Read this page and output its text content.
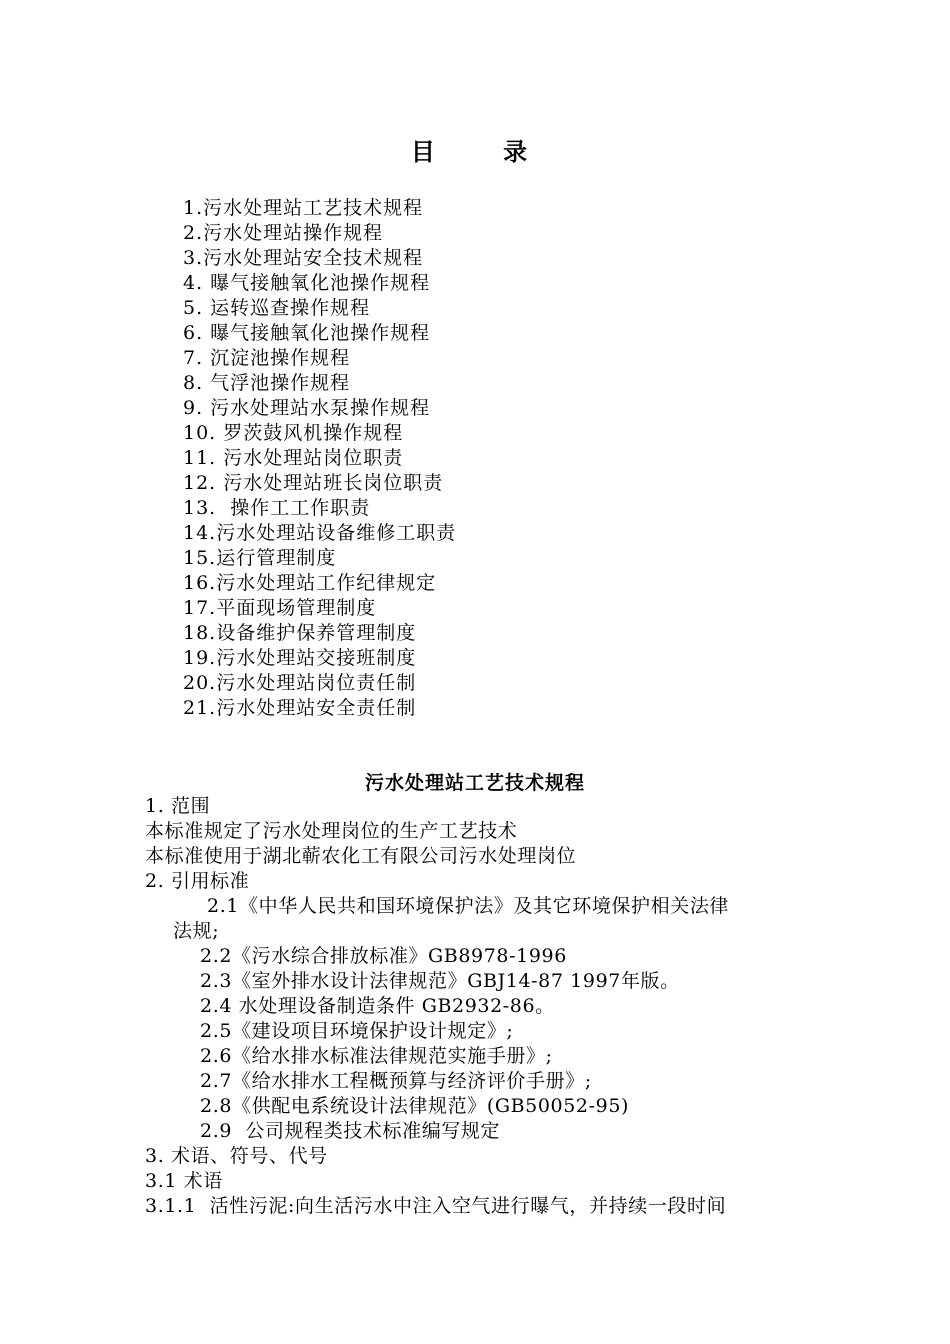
目 录
1.污水处理站工艺技术规程
2.污水处理站操作规程
3.污水处理站安全技术规程
4. 曝气接触氧化池操作规程
5. 运转巡查操作规程
6. 曝气接触氧化池操作规程
7. 沉淀池操作规程
8. 气浮池操作规程
9. 污水处理站水泵操作规程
10. 罗茨鼓风机操作规程
11. 污水处理站岗位职责
12. 污水处理站班长岗位职责
13.  操作工工作职责
14.污水处理站设备维修工职责
15.运行管理制度
16.污水处理站工作纪律规定
17.平面现场管理制度
18.设备维护保养管理制度
19.污水处理站交接班制度
20.污水处理站岗位责任制
21.污水处理站安全责任制
污水处理站工艺技术规程
1. 范围
本标准规定了污水处理岗位的生产工艺技术
本标准使用于湖北蕲农化工有限公司污水处理岗位
2. 引用标准
2.1《中华人民共和国环境保护法》及其它环境保护相关法律
法规;
2.2《污水综合排放标准》GB8978-1996
2.3《室外排水设计法律规范》GBJ14-87 1997年版。
2.4 水处理设备制造条件 GB2932-86。
2.5《建设项目环境保护设计规定》;
2.6《给水排水标准法律规范实施手册》;
2.7《给水排水工程概预算与经济评价手册》;
2.8《供配电系统设计法律规范》(GB50052-95)
2.9  公司规程类技术标准编写规定
3. 术语、符号、代号
3.1 术语
3.1.1  活性污泥:向生活污水中注入空气进行曝气，并持续一段时间
